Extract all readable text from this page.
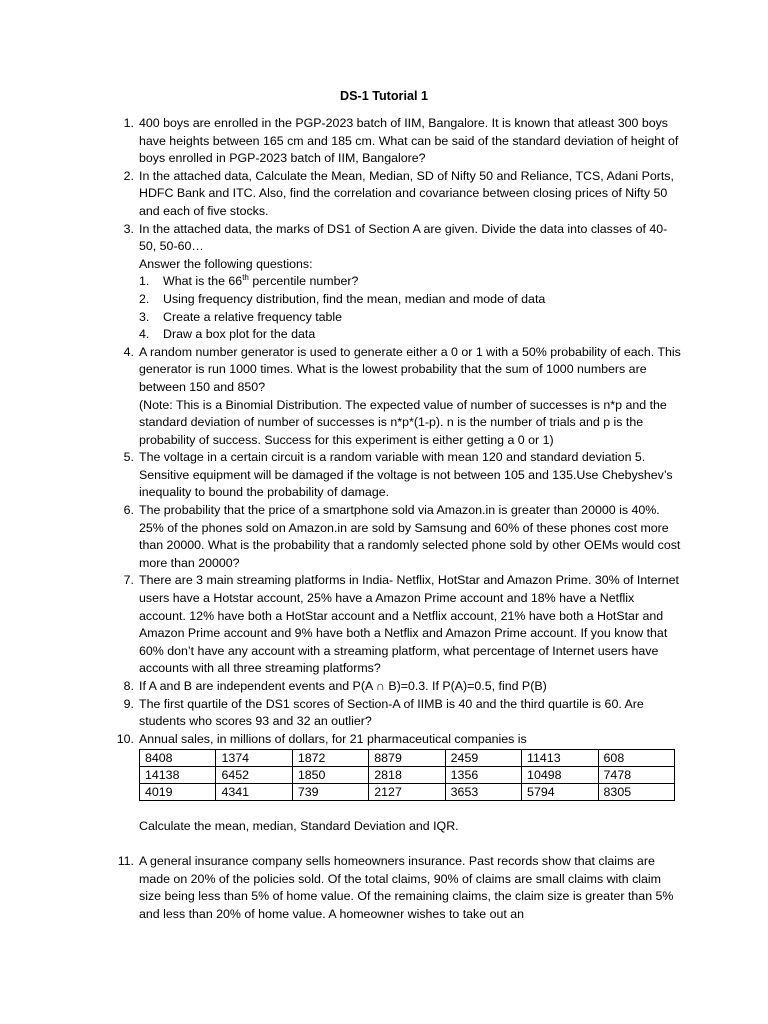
DS-1 Tutorial 1
1. 400 boys are enrolled in the PGP-2023 batch of IIM, Bangalore. It is known that atleast 300 boys have heights between 165 cm and 185 cm. What can be said of the standard deviation of height of boys enrolled in PGP-2023 batch of IIM, Bangalore?

2. In the attached data, Calculate the Mean, Median, SD of Nifty 50 and Reliance, TCS, Adani Ports, HDFC Bank and ITC. Also, find the correlation and covariance between closing prices of Nifty 50 and each of five stocks.

3. In the attached data, the marks of DS1 of Section A are given. Divide the data into classes of 40-50, 50-60…

Answer the following questions:

1. What is the 66th percentile number?
2. Using frequency distribution, find the mean, median and mode of data
3. Create a relative frequency table
4. Draw a box plot for the data
4. A random number generator is used to generate either a 0 or 1 with a 50% probability of each. This generator is run 1000 times. What is the lowest probability that the sum of 1000 numbers are between 150 and 850?

(Note: This is a Binomial Distribution. The expected value of number of successes is n*p and the standard deviation of number of successes is n*p*(1-p). n is the number of trials and p is the probability of success. Success for this experiment is either getting a 0 or 1)

5. The voltage in a certain circuit is a random variable with mean 120 and standard deviation 5. Sensitive equipment will be damaged if the voltage is not between 105 and 135.Use Chebyshev’s inequality to bound the probability of damage.

6. The probability that the price of a smartphone sold via Amazon.in is greater than 20000 is 40%. 25% of the phones sold on Amazon.in are sold by Samsung and 60% of these phones cost more than 20000. What is the probability that a randomly selected phone sold by other OEMs would cost more than 20000?

7. There are 3 main streaming platforms in India- Netflix, HotStar and Amazon Prime. 30% of Internet users have a Hotstar account, 25% have a Amazon Prime account and 18% have a Netflix account. 12% have both a HotStar account and a Netflix account, 21% have both a HotStar and Amazon Prime account and 9% have both a Netflix and Amazon Prime account. If you know that 60% don’t have any account with a streaming platform, what percentage of Internet users have accounts with all three streaming platforms?

8. If A and B are independent events and P(A ∩ B)=0.3. If P(A)=0.5, find P(B)

9. The first quartile of the DS1 scores of Section-A of IIMB is 40 and the third quartile is 60. Are students who scores 93 and 32 an outlier?

10. Annual sales, in millions of dollars, for 21 pharmaceutical companies is

8408	1374	1872	8879	2459	11413	608
14138	6452	1850	2818	1356	10498	7478
4019	4341	739	2127	3653	5794	8305

Calculate the mean, median, Standard Deviation and IQR.

11. A general insurance company sells homeowners insurance. Past records show that claims are made on 20% of the policies sold. Of the total claims, 90% of claims are small claims with claim size being less than 5% of home value. Of the remaining claims, the claim size is greater than 5% and less than 20% of home value. A homeowner wishes to take out an
